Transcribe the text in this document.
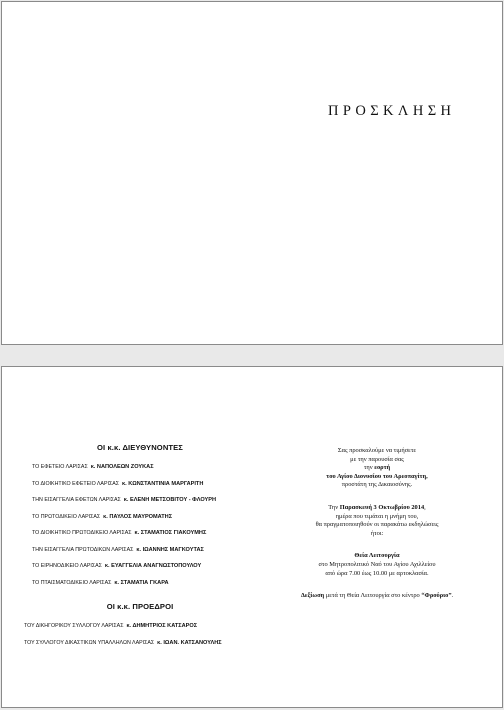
ΠΡΟΣΚΛΗΣΗ
ΟΙ κ.κ. ΔΙΕΥΘΥΝΟΝΤΕΣ
ΤΟ ΕΦΕΤΕΙΟ ΛΑΡΙΣΑΣ κ. ΝΑΠΟΛΕΩΝ ΖΟΥΚΑΣ
ΤΟ ΔΙΟΙΚΗΤΙΚΟ ΕΦΕΤΕΙΟ ΛΑΡΙΣΑΣ κ. ΚΩΝΣΤΑΝΤΙΝΙΑ ΜΑΡΓΑΡΙΤΗ
ΤΗΝ ΕΙΣΑΓΓΕΛΙΑ ΕΦΕΤΩΝ ΛΑΡΙΣΑΣ κ. ΕΛΕΝΗ ΜΕΤΣΟΒΙΤΟΥ - ΦΛΟΥΡΗ
ΤΟ ΠΡΩΤΟΔΙΚΕΙΟ ΛΑΡΙΣΑΣ κ. ΠΑΥΛΟΣ ΜΑΥΡΟΜΑΤΗΣ
ΤΟ ΔΙΟΙΚΗΤΙΚΟ ΠΡΩΤΟΔΙΚΕΙΟ ΛΑΡΙΣΑΣ κ. ΣΤΑΜΑΤΙΟΣ ΓΙΑΚΟΥΜΗΣ
ΤΗΝ ΕΙΣΑΓΓΕΛΙΑ ΠΡΩΤΟΔΙΚΩΝ ΛΑΡΙΣΑΣ κ. ΙΩΑΝΝΗΣ ΜΑΓΚΟΥΤΑΣ
ΤΟ ΕΙΡΗΝΟΔΙΚΕΙΟ ΛΑΡΙΣΑΣ κ. ΕΥΑΓΓΕΛΙΑ ΑΝΑΓΝΩΣΤΟΠΟΥΛΟΥ
ΤΟ ΠΤΑΙΣΜΑΤΟΔΙΚΕΙΟ ΛΑΡΙΣΑΣ κ. ΣΤΑΜΑΤΙΑ ΓΚΑΡΑ
ΟΙ κ.κ. ΠΡΟΕΔΡΟΙ
ΤΟΥ ΔΙΚΗΓΟΡΙΚΟΥ ΣΥΛΛΟΓΟΥ ΛΑΡΙΣΑΣ κ. ΔΗΜΗΤΡΙΟΣ ΚΑΤΣΑΡΟΣ
ΤΟΥ ΣΥΛΛΟΓΟΥ ΔΙΚΑΣΤΙΚΩΝ ΥΠΑΛΛΗΛΩΝ ΛΑΡΙΣΑΣ κ. ΙΩΑΝ. ΚΑΤΣΑΝΟΥΛΗΣ
Σας προσκαλούμε να τιμήσετε
με την παρουσία σας
την εορτή
του Αγίου Διονυσίου του Αρεοπαγίτη,
προστάτη της Δικαιοσύνης.
Την Παρασκευή 3 Οκτωβρίου 2014,
ημέρα που τιμάται η μνήμη του,
θα πραγματοποιηθούν οι παρακάτω εκδηλώσεις
ήτοι:
Θεία Λειτουργία
στο Μητροπολιτικό Ναό του Αγίου Αχιλλείου
από ώρα 7.00 έως 10.00 με αρτοκλασία.
Δεξίωση μετά τη Θεία Λειτουργία στο κέντρο “Φρούριο”.
